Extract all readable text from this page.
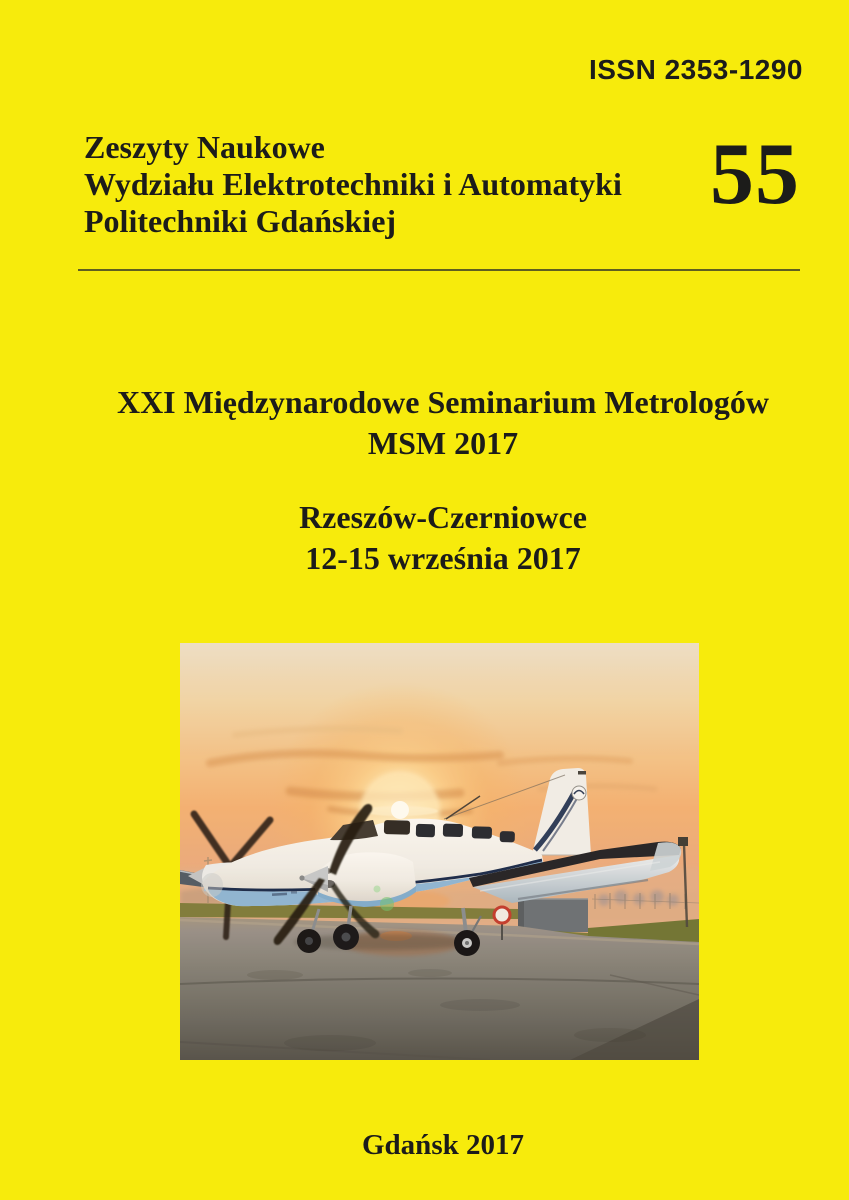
ISSN 2353-1290
Zeszyty Naukowe
Wydziału Elektrotechniki i Automatyki
Politechniki Gdańskiej	55
XXI Międzynarodowe Seminarium Metrologów
MSM 2017
Rzeszów-Czerniowce
12-15 września 2017
Gdańsk 2017
